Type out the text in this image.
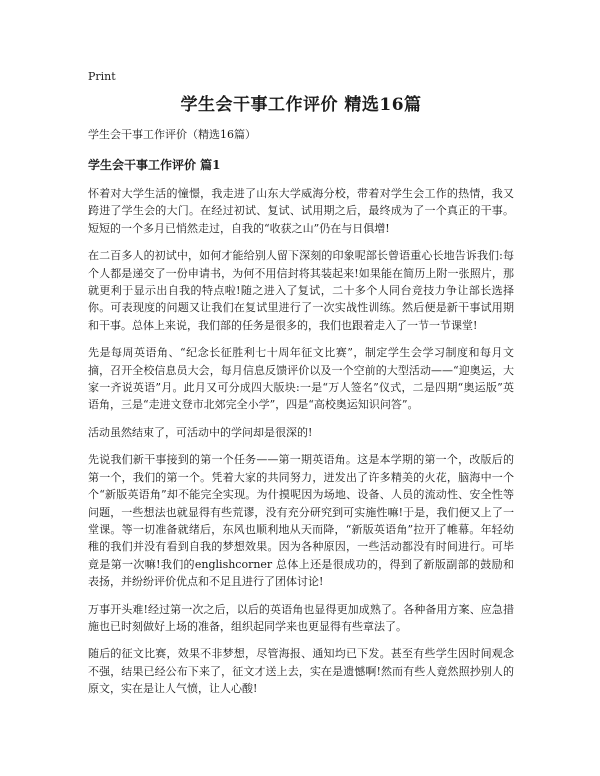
Print
学生会干事工作评价 精选16篇
学生会干事工作评价（精选16篇）
学生会干事工作评价 篇1

怀着对大学生活的憧憬，我走进了山东大学威海分校，带着对学生会工作的热情，我又跨进了学生会的大门。在经过初试、复试、试用期之后，最终成为了一个真正的干事。短短的一个多月已悄然走过，自我的“收获之山”仍在与日俱增!

在二百多人的初试中，如何才能给别人留下深刻的印象呢部长曾语重心长地告诉我们:每个人都是递交了一份申请书，为何不用信封将其装起来!如果能在简历上附一张照片，那就更利于显示出自我的特点啦!随之进入了复试，二十多个人同台竞技力争让部长选择你。可表现度的问题又让我们在复试里进行了一次实战性训练。然后便是新干事试用期和干事。总体上来说，我们部的任务是很多的，我们也跟着走入了一节一节课堂!

先是每周英语角、“纪念长征胜利七十周年征文比赛”，制定学生会学习制度和每月文摘，召开全校信息员大会，每月信息反馈评价以及一个空前的大型活动——“迎奥运，大家一齐说英语”月。此月又可分成四大版块:一是“万人签名”仪式，二是四期“奥运版”英语角，三是“走进文登市北郊完全小学”，四是“高校奥运知识问答”。

活动虽然结束了，可活动中的学问却是很深的!

先说我们新干事接到的第一个任务——第一期英语角。这是本学期的第一个，改版后的第一个，我们的第一个。凭着大家的共同努力，迸发出了许多精美的火花，脑海中一个个“新版英语角”却不能完全实现。为什摸呢因为场地、设备、人员的流动性、安全性等问题，一些想法也就显得有些荒谬，没有充分研究到可实施性嘛!于是，我们便又上了一堂课。等一切准备就绪后，东风也顺利地从天而降，“新版英语角”拉开了帷幕。年轻幼稚的我们并没有看到自我的梦想效果。因为各种原因，一些活动都没有时间进行。可毕竟是第一次嘛!我们的englishcorner 总体上还是很成功的，得到了新版副部的鼓励和表扬，并纷纷评价优点和不足且进行了团体讨论!

万事开头难!经过第一次之后，以后的英语角也显得更加成熟了。各种备用方案、应急措施也已时刻做好上场的准备，组织起同学来也更显得有些章法了。

随后的征文比赛，效果不非梦想，尽管海报、通知均已下发。甚至有些学生因时间观念不强，结果已经公布下来了，征文才送上去，实在是遗憾啊!然而有些人竟然照抄别人的原文，实在是让人气愤，让人心酸!
